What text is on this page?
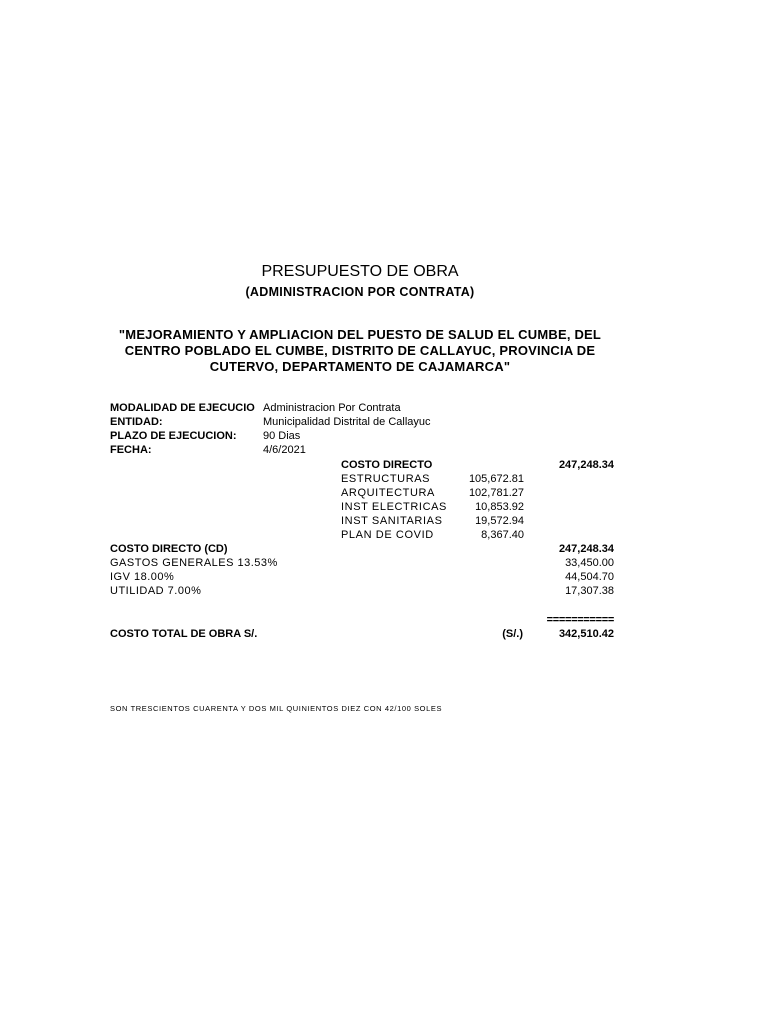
PRESUPUESTO DE OBRA
(ADMINISTRACION POR CONTRATA)
"MEJORAMIENTO Y AMPLIACION DEL PUESTO DE SALUD EL CUMBE, DEL CENTRO POBLADO EL CUMBE, DISTRITO DE CALLAYUC, PROVINCIA DE CUTERVO, DEPARTAMENTO DE CAJAMARCA"
MODALIDAD DE EJECUCIO Administracion Por Contrata
ENTIDAD:	Municipalidad Distrital de Callayuc
PLAZO DE EJECUCION: 90 Dias
FECHA:	4/6/2021
COSTO DIRECTO	247,248.34
ESTRUCTURAS	105,672.81
ARQUITECTURA	102,781.27
INST ELECTRICAS	10,853.92
INST SANITARIAS	19,572.94
PLAN DE COVID	8,367.40
COSTO DIRECTO (CD)	247,248.34
GASTOS GENERALES 13.53%	33,450.00
IGV 18.00%	44,504.70
UTILIDAD 7.00%	17,307.38
===========
COSTO TOTAL DE OBRA S/.	(S/.)	342,510.42
SON TRESCIENTOS CUARENTA Y DOS MIL QUINIENTOS DIEZ CON 42/100 SOLES
